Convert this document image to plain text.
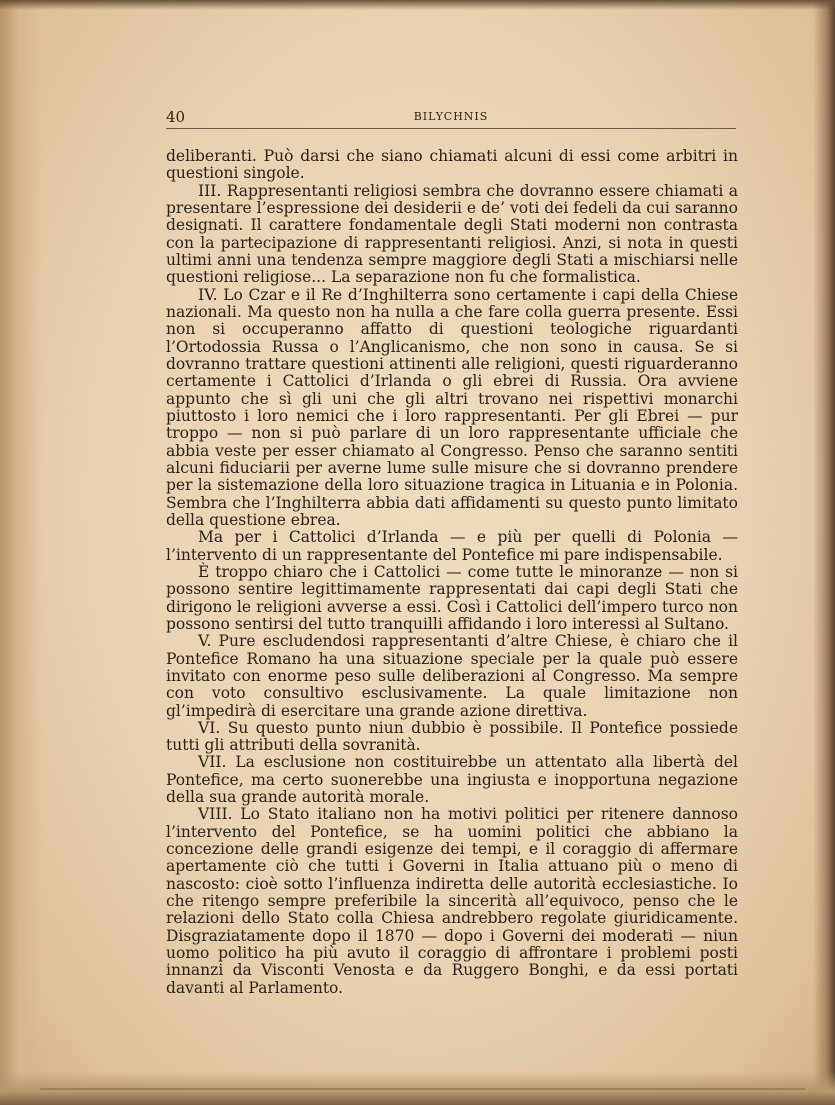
40	BILYCHNIS

deliberanti. Può darsi che siano chiamati alcuni di essi come arbitri in questioni singole.

III. Rappresentanti religiosi sembra che dovranno essere chiamati a presentare l’espressione dei desiderii e de’ voti dei fedeli da cui saranno designati. Il carattere fondamentale degli Stati moderni non contrasta con la partecipazione di rappresentanti religiosi. Anzi, si nota in questi ultimi anni una tendenza sempre maggiore degli Stati a mischiarsi nelle questioni religiose... La separazione non fu che formalistica.

IV. Lo Czar e il Re d’Inghilterra sono certamente i capi della Chiese nazionali. Ma questo non ha nulla a che fare colla guerra presente. Essi non si occuperanno affatto di questioni teologiche riguardanti l’Ortodossia Russa o l’Anglicanismo, che non sono in causa. Se si dovranno trattare questioni attinenti alle religioni, questi riguarderanno certamente i Cattolici d’Irlanda o gli ebrei di Russia. Ora avviene appunto che sì gli uni che gli altri trovano nei rispettivi monarchi piuttosto i loro nemici che i loro rappresentanti. Per gli Ebrei — pur troppo — non si può parlare di un loro rappresentante ufficiale che abbia veste per esser chiamato al Congresso. Penso che saranno sentiti alcuni fiduciarii per averne lume sulle misure che si dovranno prendere per la sistemazione della loro situazione tragica in Lituania e in Polonia. Sembra che l’Inghilterra abbia dati affidamenti su questo punto limitato della questione ebrea.

Ma per i Cattolici d’Irlanda — e più per quelli di Polonia — l’intervento di un rappresentante del Pontefice mi pare indispensabile.

È troppo chiaro che i Cattolici — come tutte le minoranze — non si possono sentire legittimamente rappresentati dai capi degli Stati che dirigono le religioni avverse a essi. Così i Cattolici dell’impero turco non possono sentirsi del tutto tranquilli affidando i loro interessi al Sultano.

V. Pure escludendosi rappresentanti d’altre Chiese, è chiaro che il Pontefice Romano ha una situazione speciale per la quale può essere invitato con enorme peso sulle deliberazioni al Congresso. Ma sempre con voto consultivo esclusivamente. La quale limitazione non gl’impedirà di esercitare una grande azione direttiva.

VI. Su questo punto niun dubbio è possibile. Il Pontefice possiede tutti gli attributi della sovranità.

VII. La esclusione non costituirebbe un attentato alla libertà del Pontefice, ma certo suonerebbe una ingiusta e inopportuna negazione della sua grande autorità morale.

VIII. Lo Stato italiano non ha motivi politici per ritenere dannoso l’intervento del Pontefice, se ha uomini politici che abbiano la concezione delle grandi esigenze dei tempi, e il coraggio di affermare apertamente ciò che tutti i Governi in Italia attuano più o meno di nascosto: cioè sotto l’influenza indiretta delle autorità ecclesiastiche. Io che ritengo sempre preferibile la sincerità all’equivoco, penso che le relazioni dello Stato colla Chiesa andrebbero regolate giuridicamente. Disgraziatamente dopo il 1870 — dopo i Governi dei moderati — niun uomo politico ha più avuto il coraggio di affrontare i problemi posti innanzi da Visconti Venosta e da Ruggero Bonghi, e da essi portati davanti al Parlamento.
